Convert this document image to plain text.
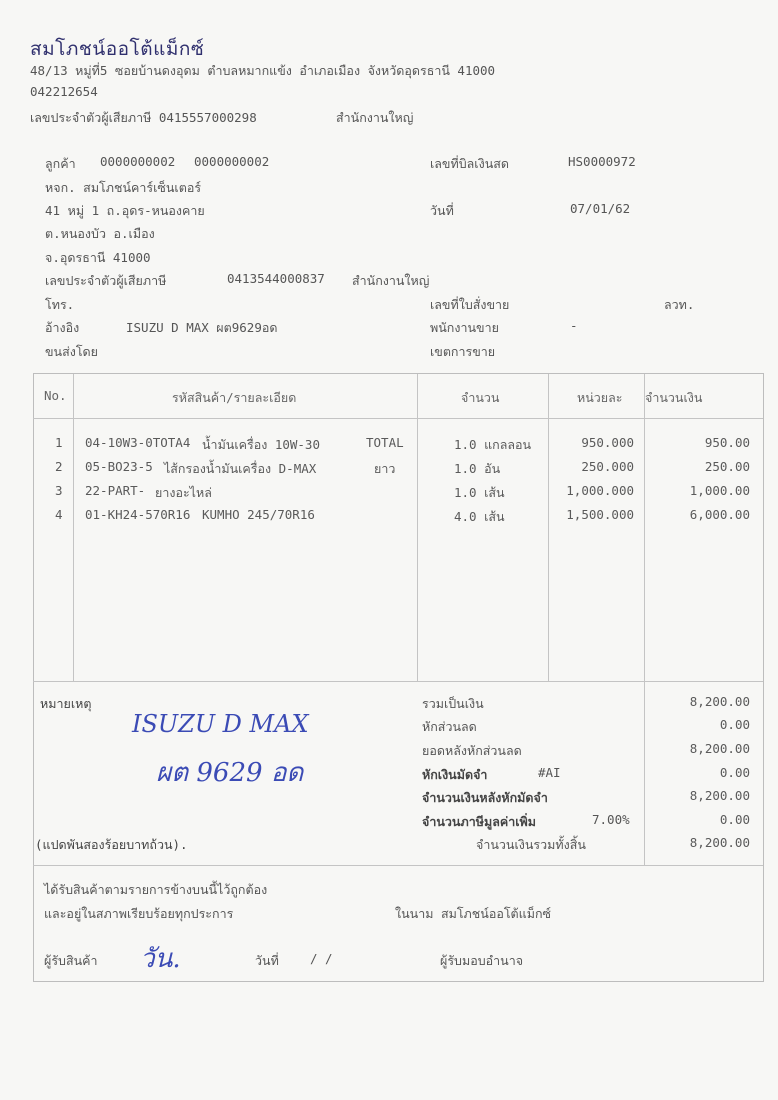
สมโภชน์ออโต้แม็กซ์
48/13 หมู่ที่5 ซอยบ้านดงอุดม ตำบลหมากแข้ง อำเภอเมือง จังหวัดอุดรธานี 41000
042212654
เลขประจำตัวผู้เสียภาษี 0415557000298	สำนักงานใหญ่
ลูกค้า 0000000002 0000000002
หจก. สมโภชน์คาร์เซ็นเตอร์
41 หมู่ 1 ถ.อุดร-หนองคาย
ต.หนองบัว อ.เมือง
จ.อุดรธานี 41000
เลขประจำตัวผู้เสียภาษี	0413544000837 สำนักงานใหญ่
โทร.
อ้างอิง	ISUZU D MAX ผต9629อด
ขนส่งโดย
เลขที่บิลเงินสด	HS0000972
วันที่	07/01/62
เลขที่ใบสั่งขาย	ลวท.
พนักงานขาย	-
เขตการขาย
No.	รหัสสินค้า/รายละเอียด	จำนวน	หน่วยละ จำนวนเงิน
1 04-10W3-0TOTA4 น้ำมันเครื่อง 10W-30	TOTAL	1.0 แกลลอน	950.000	950.00
2 05-BO23-5 ไส้กรองน้ำมันเครื่อง D-MAX	ยาว	1.0 อัน	250.000	250.00
3 22-PART- ยางอะไหล่	1.0 เส้น	1,000.000	1,000.00
4 01-KH24-570R16 KUMHO 245/70R16	4.0 เส้น	1,500.000	6,000.00
หมายเหตุ
ISUZU D MAX
ผต 9629 อด
(แปดพันสองร้อยบาทถ้วน).
รวมเป็นเงิน	8,200.00
หักส่วนลด	0.00
ยอดหลังหักส่วนลด	8,200.00
หักเงินมัดจำ	#AI	0.00
จำนวนเงินหลังหักมัดจำ	8,200.00
จำนวนภาษีมูลค่าเพิ่ม	7.00%	0.00
จำนวนเงินรวมทั้งสิ้น	8,200.00
ได้รับสินค้าตามรายการข้างบนนี้ไว้ถูกต้อง
และอยู่ในสภาพเรียบร้อยทุกประการ	ในนาม สมโภชน์ออโต้แม็กซ์
ผู้รับสินค้า วัน.	วันที่ / /	ผู้รับมอบอำนาจ
